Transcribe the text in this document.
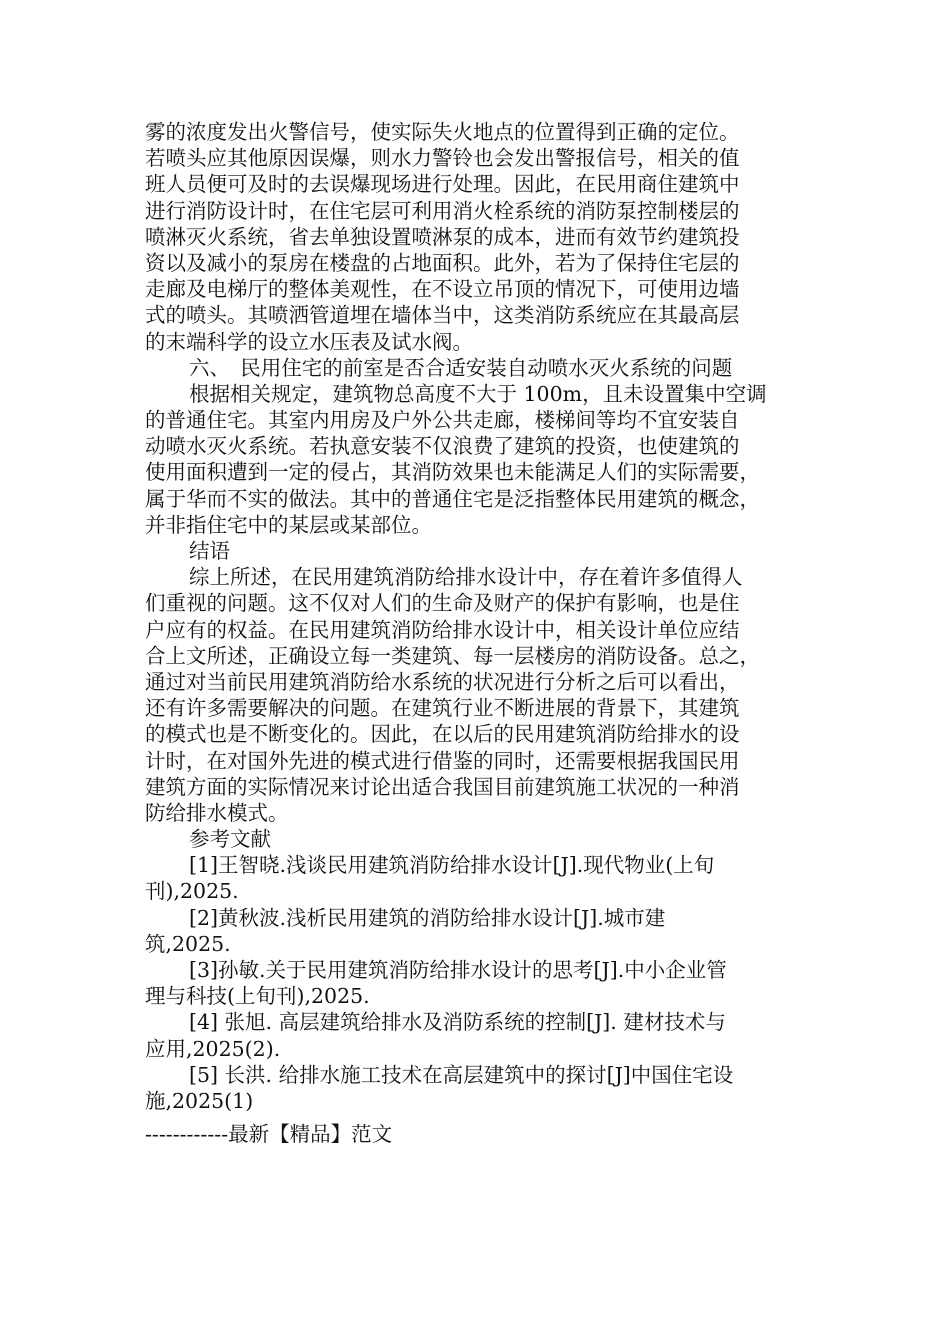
雾的浓度发出火警信号，使实际失火地点的位置得到正确的定位。
若喷头应其他原因误爆，则水力警铃也会发出警报信号，相关的值
班人员便可及时的去误爆现场进行处理。因此，在民用商住建筑中
进行消防设计时，在住宅层可利用消火栓系统的消防泵控制楼层的
喷淋灭火系统，省去单独设置喷淋泵的成本，进而有效节约建筑投
资以及减小的泵房在楼盘的占地面积。此外，若为了保持住宅层的
走廊及电梯厅的整体美观性，在不设立吊顶的情况下，可使用边墙
式的喷头。其喷洒管道埋在墙体当中，这类消防系统应在其最高层
的末端科学的设立水压表及试水阀。
六、　民用住宅的前室是否合适安装自动喷水灭火系统的问题
根据相关规定，建筑物总高度不大于 100m，且未设置集中空调
的普通住宅。其室内用房及户外公共走廊，楼梯间等均不宜安装自
动喷水灭火系统。若执意安装不仅浪费了建筑的投资，也使建筑的
使用面积遭到一定的侵占，其消防效果也未能满足人们的实际需要，
属于华而不实的做法。其中的普通住宅是泛指整体民用建筑的概念，
并非指住宅中的某层或某部位。
结语
综上所述，在民用建筑消防给排水设计中，存在着许多值得人
们重视的问题。这不仅对人们的生命及财产的保护有影响，也是住
户应有的权益。在民用建筑消防给排水设计中，相关设计单位应结
合上文所述，正确设立每一类建筑、每一层楼房的消防设备。总之，
通过对当前民用建筑消防给水系统的状况进行分析之后可以看出，
还有许多需要解决的问题。在建筑行业不断进展的背景下，其建筑
的模式也是不断变化的。因此，在以后的民用建筑消防给排水的设
计时，在对国外先进的模式进行借鉴的同时，还需要根据我国民用
建筑方面的实际情况来讨论出适合我国目前建筑施工状况的一种消
防给排水模式。
参考文献
[1]王智晓.浅谈民用建筑消防给排水设计[J].现代物业(上旬
刊),2025.
[2]黄秋波.浅析民用建筑的消防给排水设计[J].城市建
筑,2025.
[3]孙敏.关于民用建筑消防给排水设计的思考[J].中小企业管
理与科技(上旬刊),2025.
[4] 张旭. 高层建筑给排水及消防系统的控制[J]. 建材技术与
应用,2025(2).
[5] 长洪. 给排水施工技术在高层建筑中的探讨[J]中国住宅设
施,2025(1)
------------最新【精品】范文
